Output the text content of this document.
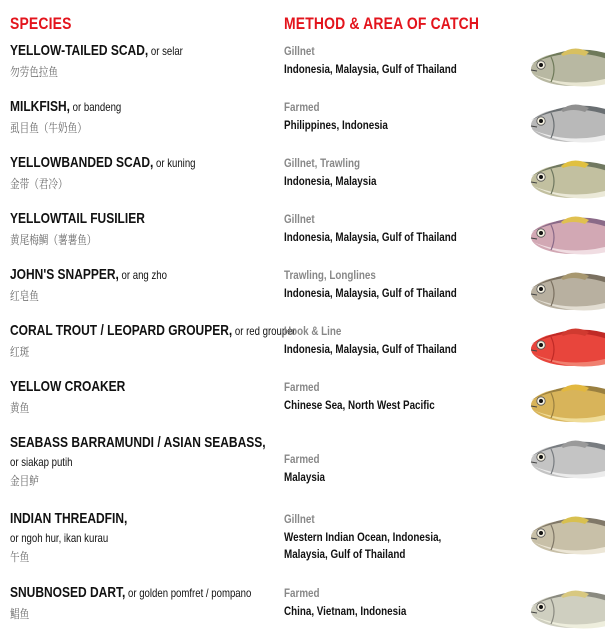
SPECIES	METHOD & AREA OF CATCH
YELLOW-TAILED SCAD, or selar
勿劳色拉鱼
Gillnet
Indonesia, Malaysia, Gulf of Thailand
MILKFISH, or bandeng
虱目鱼（牛奶鱼）
Farmed
Philippines, Indonesia
YELLOWBANDED SCAD, or kuning
金带（君冷）
Gillnet, Trawling
Indonesia, Malaysia
YELLOWTAIL FUSILIER
黄尾梅鲷（薯薯鱼）
Gillnet
Indonesia, Malaysia, Gulf of Thailand
JOHN'S SNAPPER, or ang zho
红皂鱼
Trawling, Longlines
Indonesia, Malaysia, Gulf of Thailand
CORAL TROUT / LEOPARD GROUPER, or red grouper
红斑
Hook & Line
Indonesia, Malaysia, Gulf of Thailand
YELLOW CROAKER
黄鱼
Farmed
Chinese Sea, North West Pacific
SEABASS BARRAMUNDI / ASIAN SEABASS,
or siakap putih
金目鲈
Farmed
Malaysia
INDIAN THREADFIN,
or ngoh hur, ikan kurau
午鱼
Gillnet
Western Indian Ocean, Indonesia, Malaysia, Gulf of Thailand
SNUBNOSED DART, or golden pomfret / pompano
鲳鱼
Farmed
China, Vietnam, Indonesia
